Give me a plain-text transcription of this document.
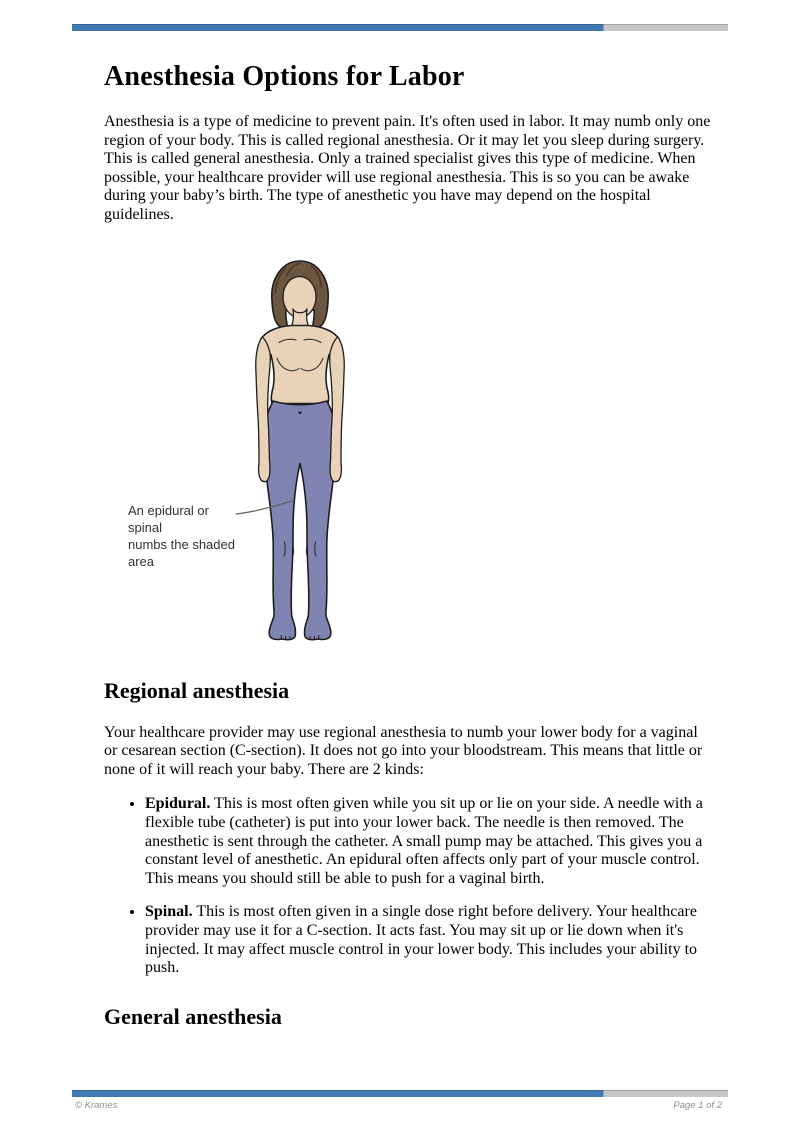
Anesthesia Options for Labor

Anesthesia is a type of medicine to prevent pain. It's often used in labor. It may numb only one region of your body. This is called regional anesthesia. Or it may let you sleep during surgery. This is called general anesthesia. Only a trained specialist gives this type of medicine. When possible, your healthcare provider will use regional anesthesia. This is so you can be awake during your baby’s birth. The type of anesthetic you have may depend on the hospital guidelines.

An epidural or spinal
numbs the shaded area
Regional anesthesia

Your healthcare provider may use regional anesthesia to numb your lower body for a vaginal or cesarean section (C-section). It does not go into your bloodstream. This means that little or none of it will reach your baby. There are 2 kinds:

• Epidural. This is most often given while you sit up or lie on your side. A needle with a flexible tube (catheter) is put into your lower back. The needle is then removed. The anesthetic is sent through the catheter. A small pump may be attached. This gives you a constant level of anesthetic. An epidural often affects only part of your muscle control. This means you should still be able to push for a vaginal birth.
• Spinal. This is most often given in a single dose right before delivery. Your healthcare provider may use it for a C-section. It acts fast. You may sit up or lie down when it's injected. It may affect muscle control in your lower body. This includes your ability to push.
General anesthesia
© Krames	Page 1 of 2
